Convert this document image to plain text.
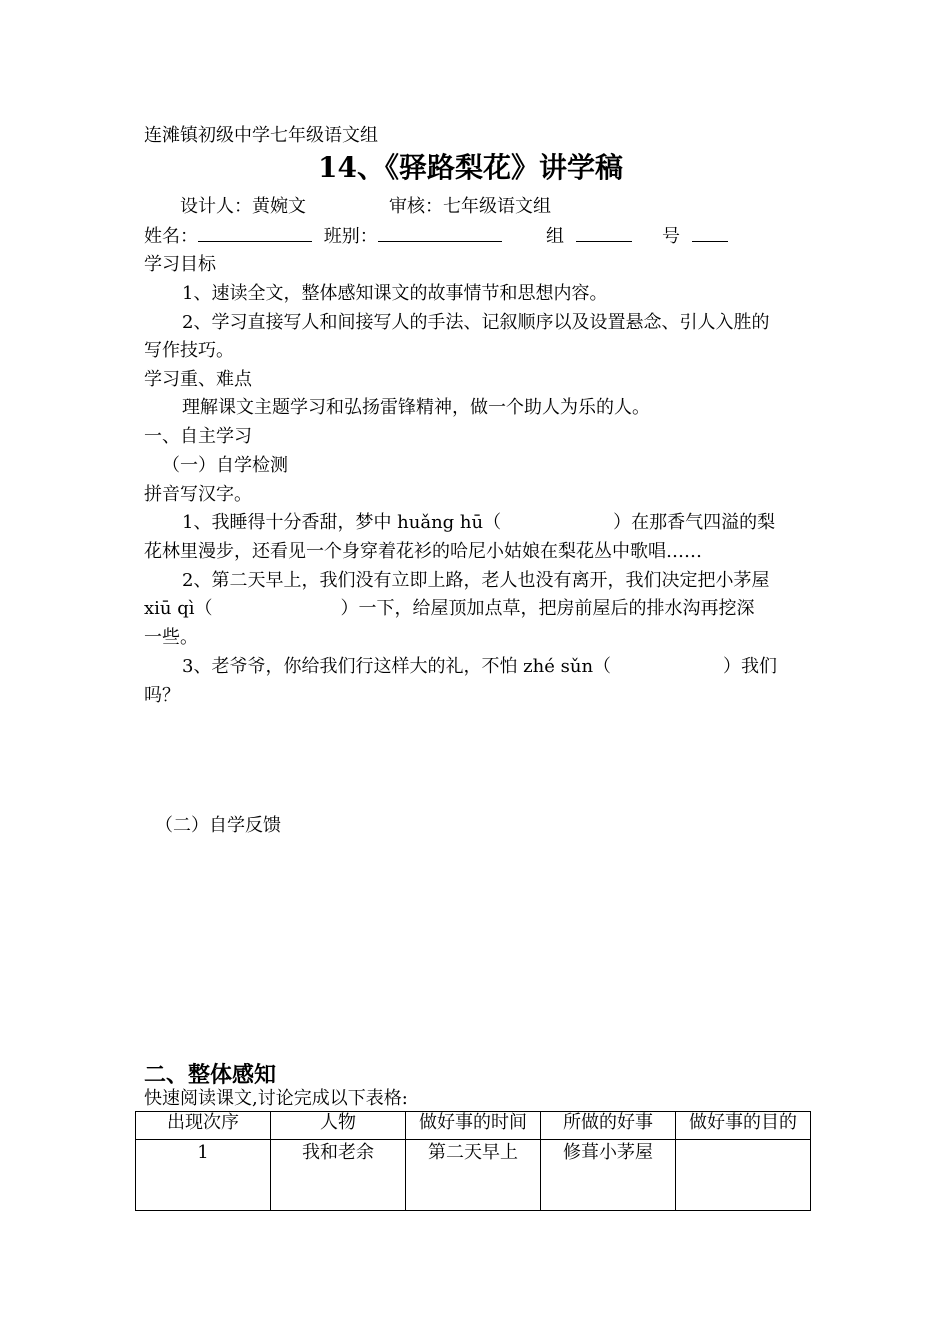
连滩镇初级中学七年级语文组
14、《驿路梨花》讲学稿
设计人：黄婉文	审核：七年级语文组
姓名：	班别：	组	号
学习目标
1、速读全文，整体感知课文的故事情节和思想内容。
2、学习直接写人和间接写人的手法、记叙顺序以及设置悬念、引人入胜的
写作技巧。
学习重、难点
理解课文主题学习和弘扬雷锋精神，做一个助人为乐的人。
一、自主学习
（一）自学检测
拼音写汉字。
1、我睡得十分香甜，梦中 huǎng hū（	）在那香气四溢的梨
花林里漫步，还看见一个身穿着花衫的哈尼小姑娘在梨花丛中歌唱……
2、第二天早上，我们没有立即上路，老人也没有离开，我们决定把小茅屋
xiū qì（	）一下，给屋顶加点草，把房前屋后的排水沟再挖深
一些。
3、老爷爷，你给我们行这样大的礼，不怕 zhé sǔn（	）我们
吗？
（二）自学反馈
二、整体感知
快速阅读课文,讨论完成以下表格:
出现次序	人物	做好事的时间	所做的好事	做好事的目的
1	我和老余	第二天早上	修葺小茅屋	
